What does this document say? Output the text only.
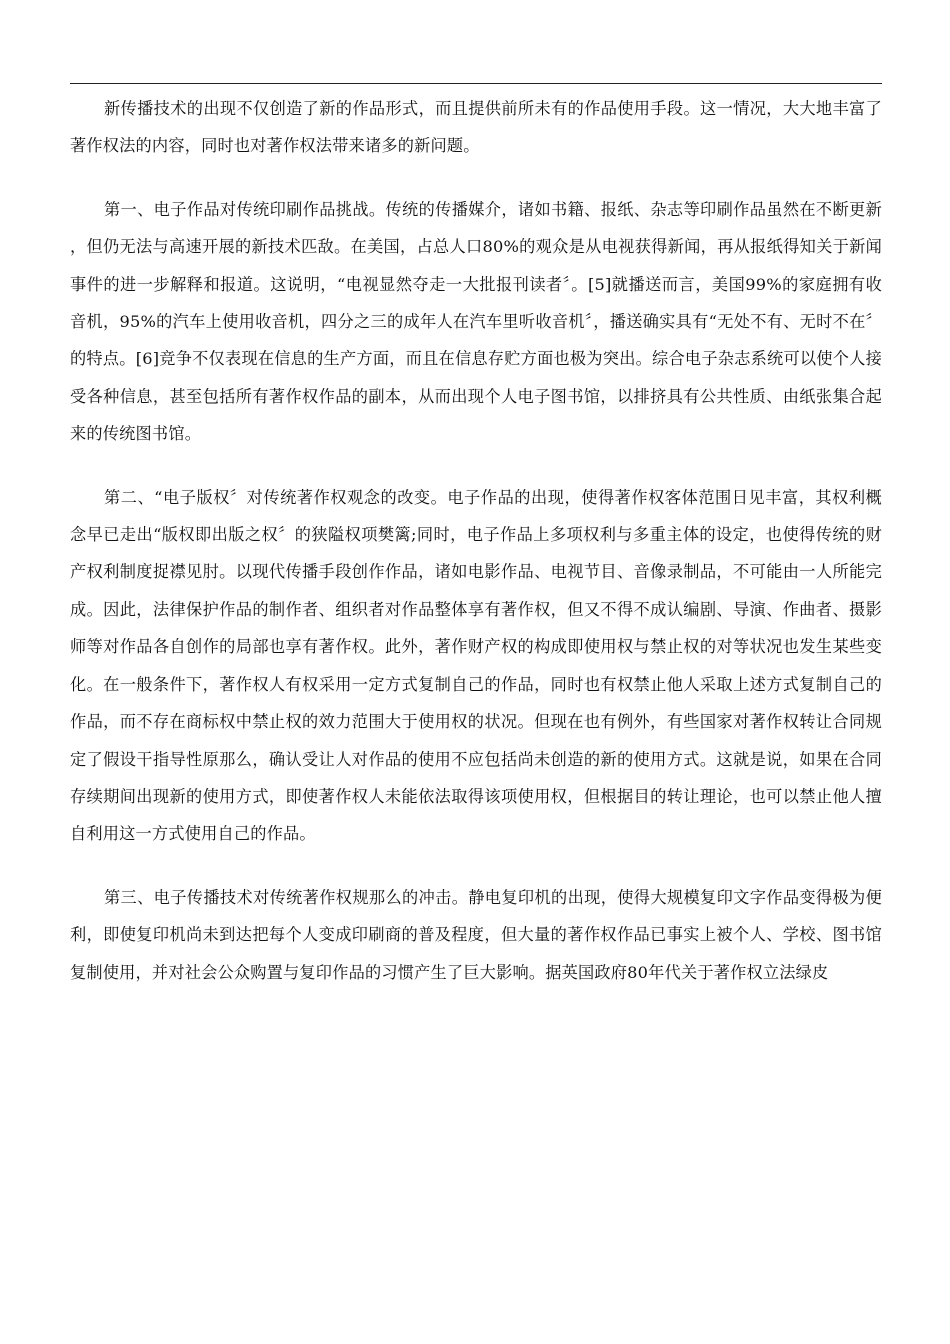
新传播技术的出现不仅创造了新的作品形式，而且提供前所未有的作品使用手段。这一情况，大大地丰富了著作权法的内容，同时也对著作权法带来诸多的新问题。

第一、电子作品对传统印刷作品挑战。传统的传播媒介，诸如书籍、报纸、杂志等印刷作品虽然在不断更新，但仍无法与高速开展的新技术匹敌。在美国，占总人口80%的观众是从电视获得新闻，再从报纸得知关于新闻事件的进一步解释和报道。这说明，“电视显然夺走一大批报刊读者〞。[5]就播送而言，美国99%的家庭拥有收音机，95%的汽车上使用收音机，四分之三的成年人在汽车里听收音机〞，播送确实具有“无处不有、无时不在〞的特点。[6]竞争不仅表现在信息的生产方面，而且在信息存贮方面也极为突出。综合电子杂志系统可以使个人接受各种信息，甚至包括所有著作权作品的副本，从而出现个人电子图书馆，以排挤具有公共性质、由纸张集合起来的传统图书馆。

第二、“电子版权〞对传统著作权观念的改变。电子作品的出现，使得著作权客体范围日见丰富，其权利概念早已走出“版权即出版之权〞的狭隘权项樊篱;同时，电子作品上多项权利与多重主体的设定，也使得传统的财产权利制度捉襟见肘。以现代传播手段创作作品，诸如电影作品、电视节目、音像录制品，不可能由一人所能完成。因此，法律保护作品的制作者、组织者对作品整体享有著作权，但又不得不成认编剧、导演、作曲者、摄影师等对作品各自创作的局部也享有著作权。此外，著作财产权的构成即使用权与禁止权的对等状况也发生某些变化。在一般条件下，著作权人有权采用一定方式复制自己的作品，同时也有权禁止他人采取上述方式复制自己的作品，而不存在商标权中禁止权的效力范围大于使用权的状况。但现在也有例外，有些国家对著作权转让合同规定了假设干指导性原那么，确认受让人对作品的使用不应包括尚未创造的新的使用方式。这就是说，如果在合同存续期间出现新的使用方式，即使著作权人未能依法取得该项使用权，但根据目的转让理论，也可以禁止他人擅自利用这一方式使用自己的作品。

第三、电子传播技术对传统著作权规那么的冲击。静电复印机的出现，使得大规模复印文字作品变得极为便利，即使复印机尚未到达把每个人变成印刷商的普及程度，但大量的著作权作品已事实上被个人、学校、图书馆复制使用，并对社会公众购置与复印作品的习惯产生了巨大影响。据英国政府80年代关于著作权立法绿皮
